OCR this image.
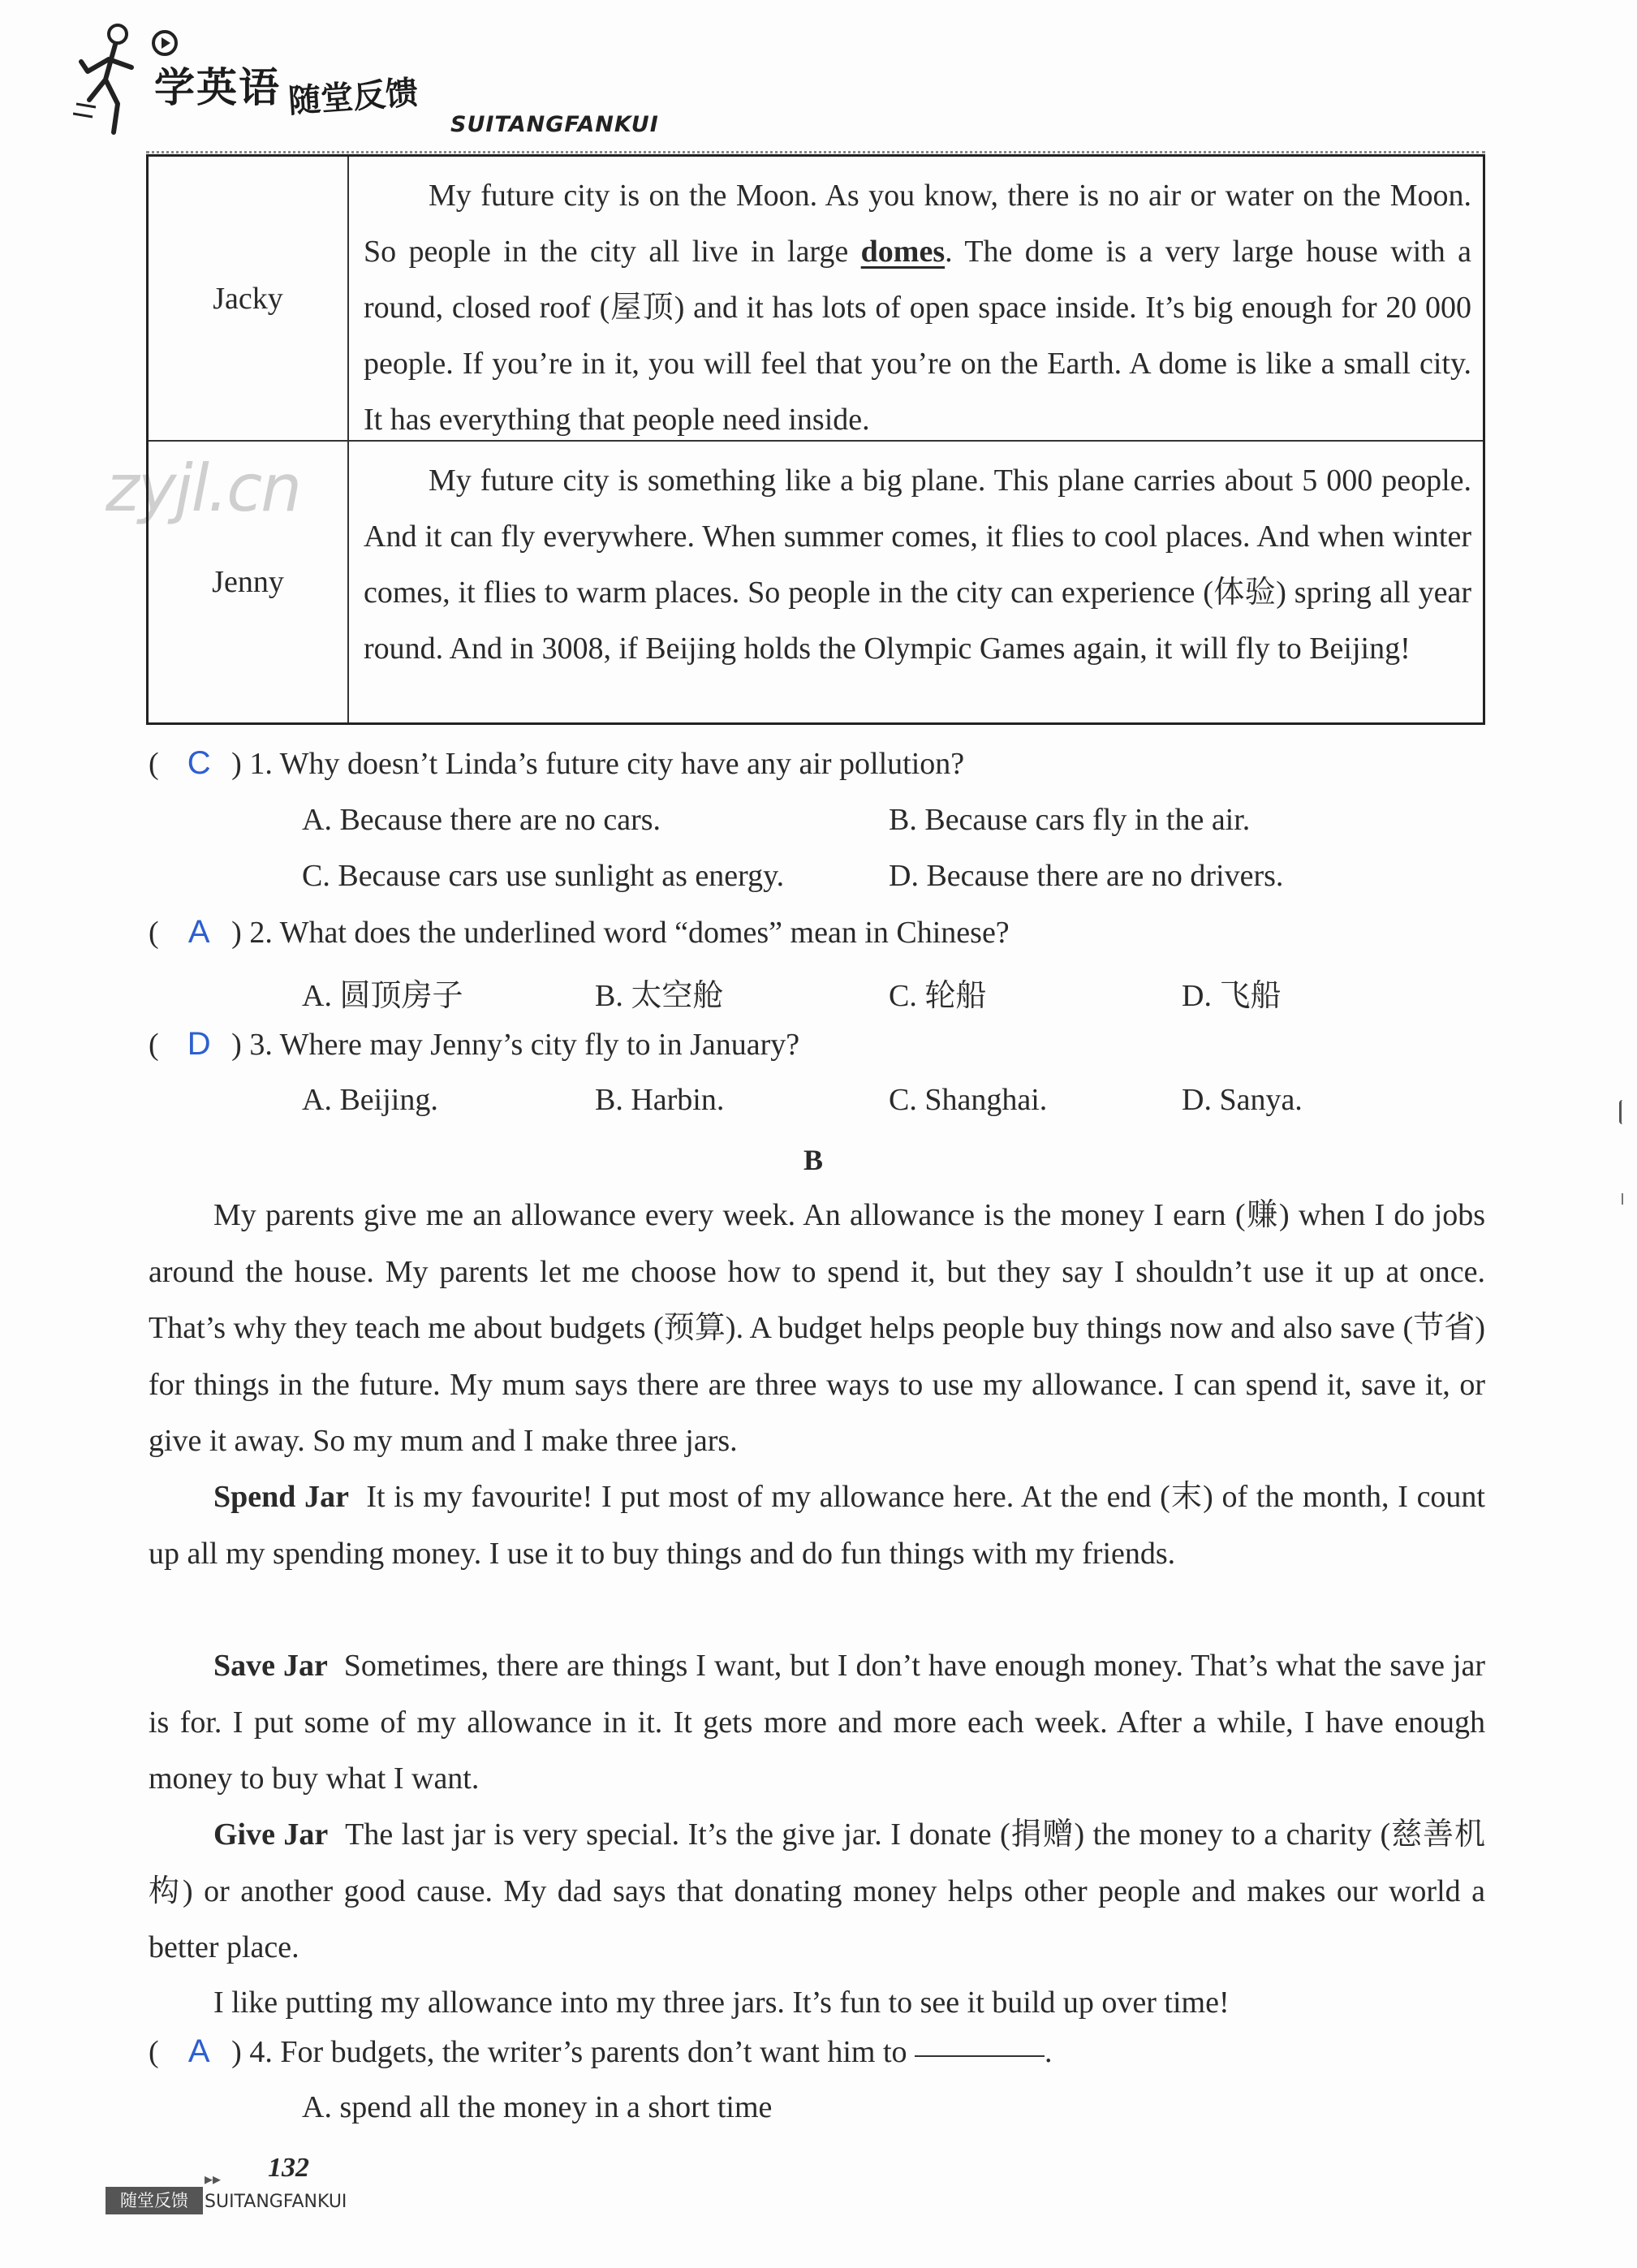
学英语 随堂反馈
SUITANGFANKUI
zyjl.cn
Jacky
My future city is on the Moon. As you know, there is no air or water on the Moon. So people in the city all live in large domes. The dome is a very large house with a round, closed roof (屋顶) and it has lots of open space inside. It’s big enough for 20 000 people. If you’re in it, you will feel that you’re on the Earth. A dome is like a small city. It has everything that people need inside.
Jenny
My future city is something like a big plane. This plane carries about 5 000 people. And it can fly everywhere. When summer comes, it flies to cool places. And when winter comes, it flies to warm places. So people in the city can experience (体验) spring all year round. And in 3008, if Beijing holds the Olympic Games again, it will fly to Beijing!
( C ) 1. Why doesn’t Linda’s future city have any air pollution?
A. Because there are no cars.	B. Because cars fly in the air.
C. Because cars use sunlight as energy.	D. Because there are no drivers.
( A ) 2. What does the underlined word “domes” mean in Chinese?
A. 圆顶房子	B. 太空舱	C. 轮船	D. 飞船
( D ) 3. Where may Jenny’s city fly to in January?
A. Beijing.	B. Harbin.	C. Shanghai.	D. Sanya.
B
My parents give me an allowance every week. An allowance is the money I earn (赚) when I do jobs around the house. My parents let me choose how to spend it, but they say I shouldn’t use it up at once. That’s why they teach me about budgets (预算). A budget helps people buy things now and also save (节省) for things in the future. My mum says there are three ways to use my allowance. I can spend it, save it, or give it away. So my mum and I make three jars.
Spend Jar It is my favourite! I put most of my allowance here. At the end (末) of the month, I count up all my spending money. I use it to buy things and do fun things with my friends.
Save Jar Sometimes, there are things I want, but I don’t have enough money. That’s what the save jar is for. I put some of my allowance in it. It gets more and more each week. After a while, I have enough money to buy what I want.
Give Jar The last jar is very special. It’s the give jar. I donate (捐赠) the money to a charity (慈善机构) or another good cause. My dad says that donating money helps other people and makes our world a better place.
I like putting my allowance into my three jars. It’s fun to see it build up over time!
( A ) 4. For budgets, the writer’s parents don’t want him to	.
A. spend all the money in a short time
▸▸ 132
随堂反馈 SUITANGFANKUI
